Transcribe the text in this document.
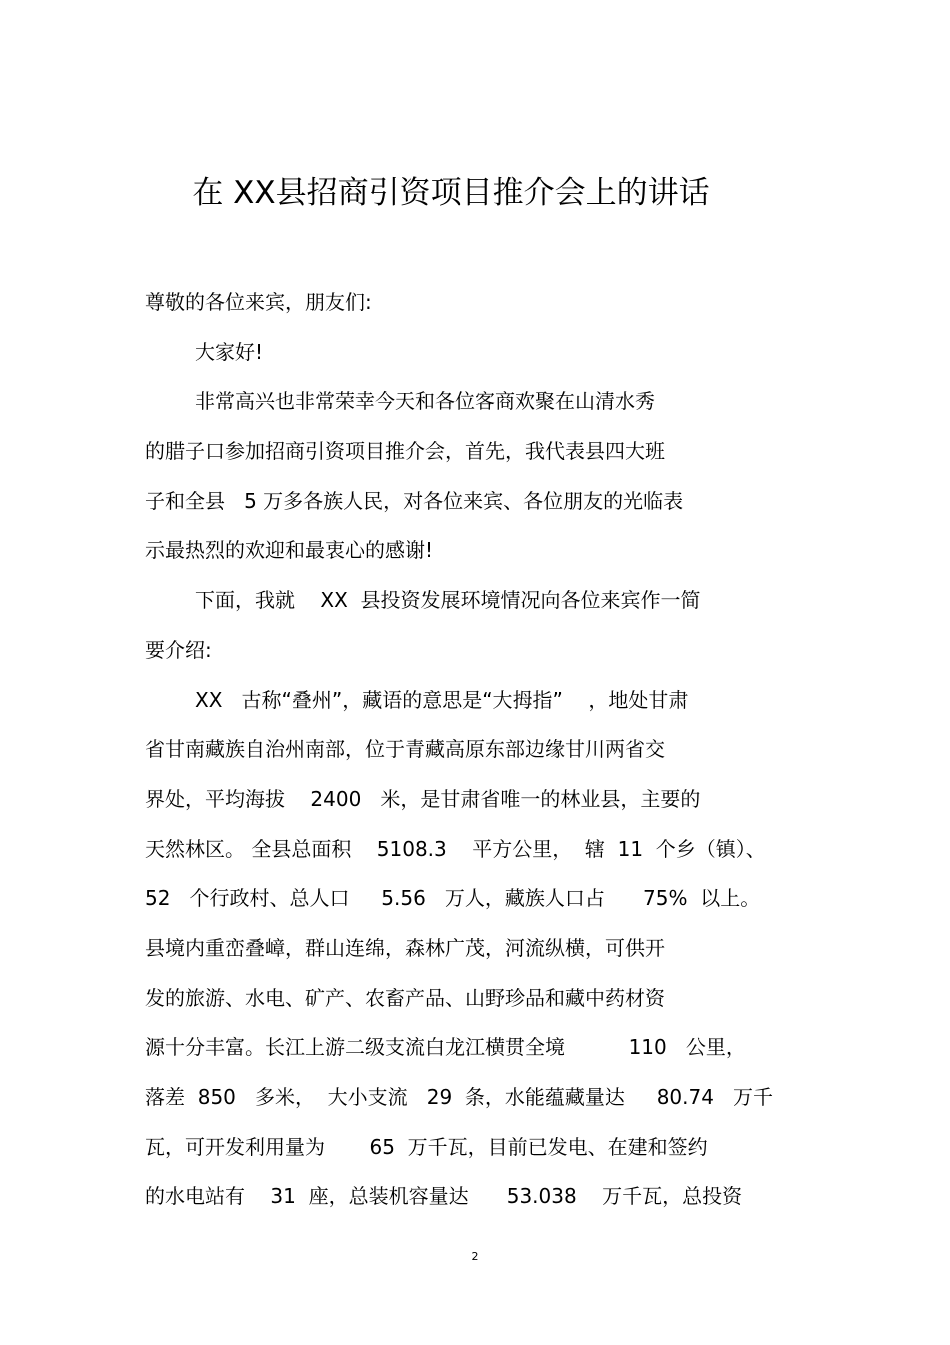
在 XX县招商引资项目推介会上的讲话
尊敬的各位来宾，朋友们:
大家好!
非常高兴也非常荣幸今天和各位客商欢聚在山清水秀
的腊子口参加招商引资项目推介会，首先，我代表县四大班
子和全县   5 万多各族人民，对各位来宾、各位朋友的光临表
示最热烈的欢迎和最衷心的感谢!
下面，我就    XX  县投资发展环境情况向各位来宾作一简
要介绍:
XX   古称“叠州”，藏语的意思是“大拇指”    ，地处甘肃
省甘南藏族自治州南部，位于青藏高原东部边缘甘川两省交
界处，平均海拔    2400   米，是甘肃省唯一的林业县，主要的
天然林区。 全县总面积    5108.3    平方公里，  辖  11  个乡（镇）、
52   个行政村、总人口     5.56   万人，藏族人口占      75%  以上。
县境内重峦叠嶂，群山连绵，森林广茂，河流纵横，可供开
发的旅游、水电、矿产、农畜产品、山野珍品和藏中药材资
源十分丰富。长江上游二级支流白龙江横贯全境          110   公里，
落差  850   多米，  大小支流   29  条，水能蕴藏量达     80.74   万千
瓦，可开发利用量为       65  万千瓦，目前已发电、在建和签约
的水电站有    31  座，总装机容量达      53.038    万千瓦，总投资
2
